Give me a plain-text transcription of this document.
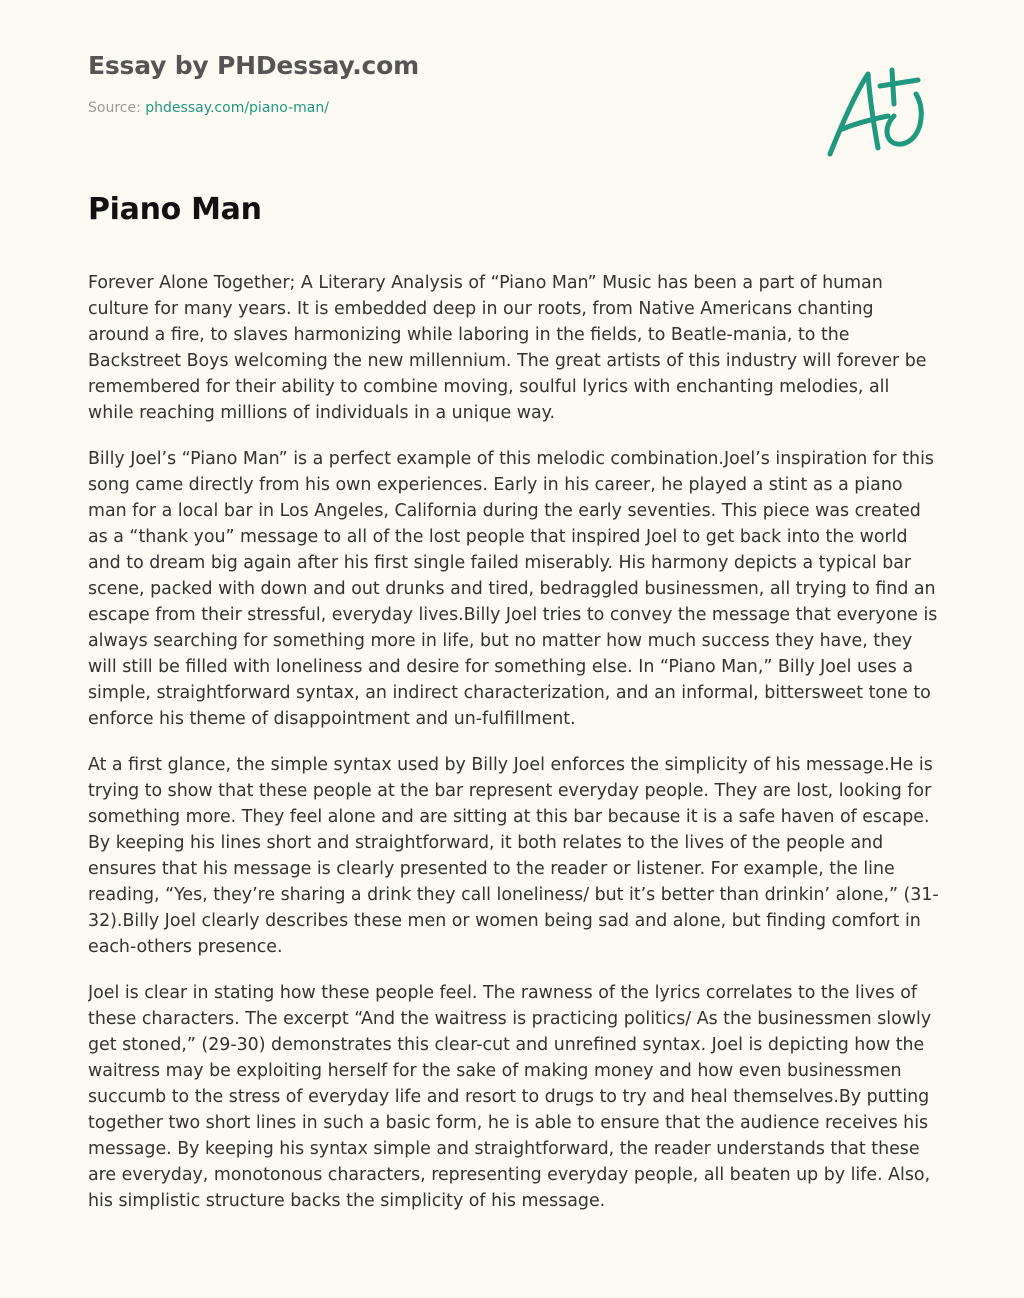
Essay by PHDessay.com
Source: phdessay.com/piano-man/
Piano Man

Forever Alone Together; A Literary Analysis of “Piano Man” Music has been a part of human culture for many years. It is embedded deep in our roots, from Native Americans chanting around a fire, to slaves harmonizing while laboring in the fields, to Beatle-mania, to the Backstreet Boys welcoming the new millennium. The great artists of this industry will forever be remembered for their ability to combine moving, soulful lyrics with enchanting melodies, all while reaching millions of individuals in a unique way.

Billy Joel’s “Piano Man” is a perfect example of this melodic combination.Joel’s inspiration for this song came directly from his own experiences. Early in his career, he played a stint as a piano man for a local bar in Los Angeles, California during the early seventies. This piece was created as a “thank you” message to all of the lost people that inspired Joel to get back into the world and to dream big again after his first single failed miserably. His harmony depicts a typical bar scene, packed with down and out drunks and tired, bedraggled businessmen, all trying to find an escape from their stressful, everyday lives.Billy Joel tries to convey the message that everyone is always searching for something more in life, but no matter how much success they have, they will still be filled with loneliness and desire for something else. In “Piano Man,” Billy Joel uses a simple, straightforward syntax, an indirect characterization, and an informal, bittersweet tone to enforce his theme of disappointment and un-fulfillment.

At a first glance, the simple syntax used by Billy Joel enforces the simplicity of his message.He is trying to show that these people at the bar represent everyday people. They are lost, looking for something more. They feel alone and are sitting at this bar because it is a safe haven of escape. By keeping his lines short and straightforward, it both relates to the lives of the people and ensures that his message is clearly presented to the reader or listener. For example, the line reading, “Yes, they’re sharing a drink they call loneliness/ but it’s better than drinkin’ alone,” (31-32).Billy Joel clearly describes these men or women being sad and alone, but finding comfort in each-others presence.

Joel is clear in stating how these people feel. The rawness of the lyrics correlates to the lives of these characters. The excerpt “And the waitress is practicing politics/ As the businessmen slowly get stoned,” (29-30) demonstrates this clear-cut and unrefined syntax. Joel is depicting how the waitress may be exploiting herself for the sake of making money and how even businessmen succumb to the stress of everyday life and resort to drugs to try and heal themselves.By putting together two short lines in such a basic form, he is able to ensure that the audience receives his message. By keeping his syntax simple and straightforward, the reader understands that these are everyday, monotonous characters, representing everyday people, all beaten up by life. Also, his simplistic structure backs the simplicity of his message.
